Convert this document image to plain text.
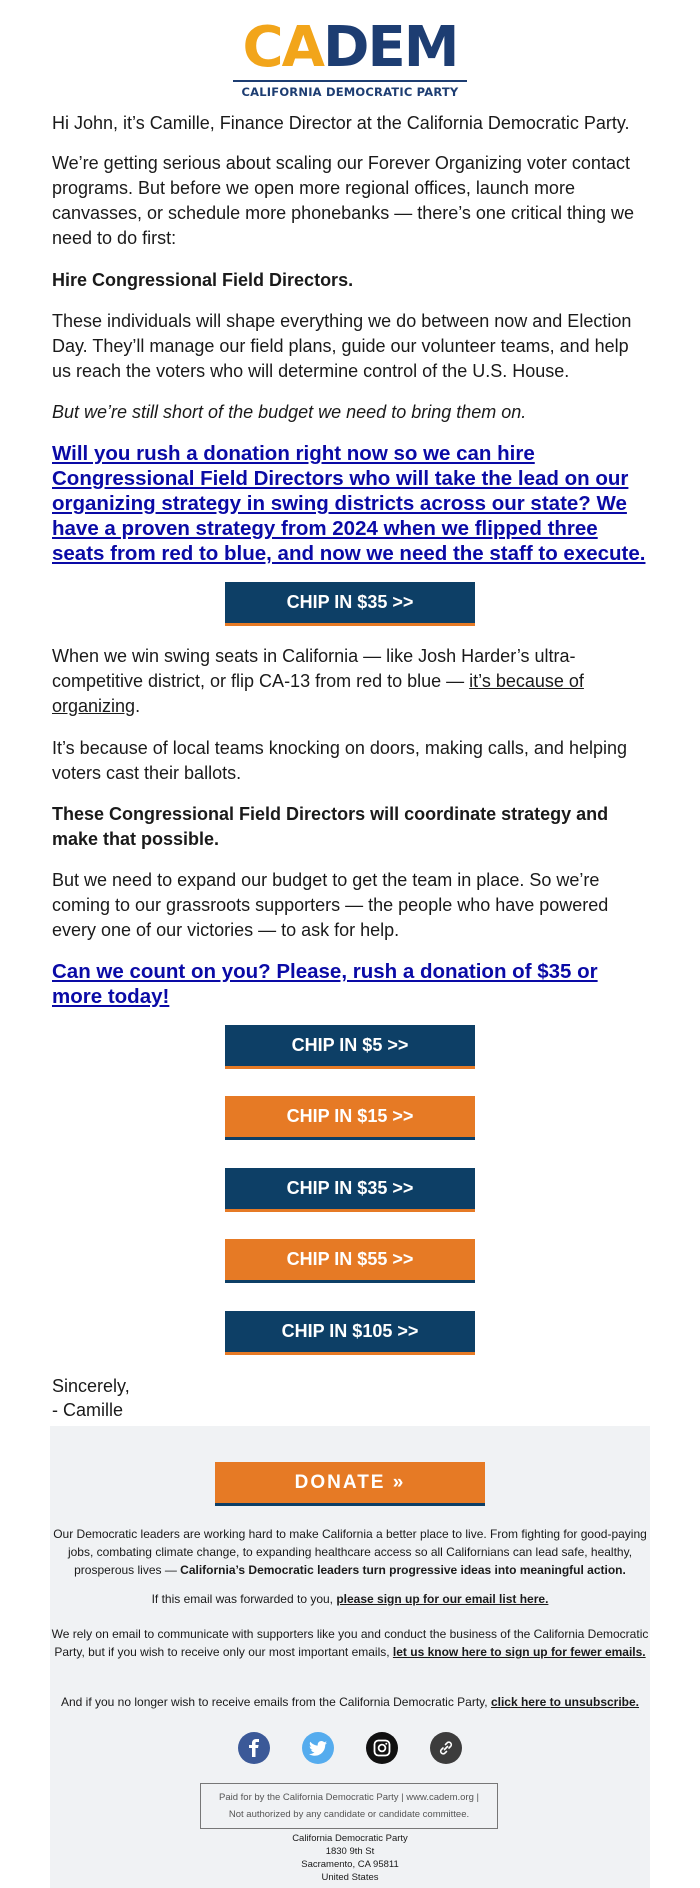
CADEM
CALIFORNIA DEMOCRATIC PARTY

Hi John, it’s Camille, Finance Director at the California Democratic Party.

We’re getting serious about scaling our Forever Organizing voter contact programs. But before we open more regional offices, launch more canvasses, or schedule more phonebanks — there’s one critical thing we need to do first:

Hire Congressional Field Directors.

These individuals will shape everything we do between now and Election Day. They’ll manage our field plans, guide our volunteer teams, and help us reach the voters who will determine control of the U.S. House.

But we’re still short of the budget we need to bring them on.

Will you rush a donation right now so we can hire Congressional Field Directors who will take the lead on our organizing strategy in swing districts across our state? We have a proven strategy from 2024 when we flipped three seats from red to blue, and now we need the staff to execute.

CHIP IN $35 >>

When we win swing seats in California — like Josh Harder’s ultra-competitive district, or flip CA-13 from red to blue — it’s because of organizing.

It’s because of local teams knocking on doors, making calls, and helping voters cast their ballots.

These Congressional Field Directors will coordinate strategy and make that possible.

But we need to expand our budget to get the team in place. So we’re coming to our grassroots supporters — the people who have powered every one of our victories — to ask for help.

Can we count on you? Please, rush a donation of $35 or more today!

CHIP IN $5 >>
CHIP IN $15 >>
CHIP IN $35 >>
CHIP IN $55 >>
CHIP IN $105 >>

Sincerely,

- Camille

DONATE »
Our Democratic leaders are working hard to make California a better place to live. From fighting for good-paying jobs, combating climate change, to expanding healthcare access so all Californians can lead safe, healthy, prosperous lives — California’s Democratic leaders turn progressive ideas into meaningful action.
If this email was forwarded to you, please sign up for our email list here.
We rely on email to communicate with supporters like you and conduct the business of the California Democratic Party, but if you wish to receive only our most important emails, let us know here to sign up for fewer emails.
And if you no longer wish to receive emails from the California Democratic Party, click here to unsubscribe.
Paid for by the California Democratic Party | www.cadem.org |
Not authorized by any candidate or candidate committee.
California Democratic Party
1830 9th St
Sacramento, CA 95811
United States
